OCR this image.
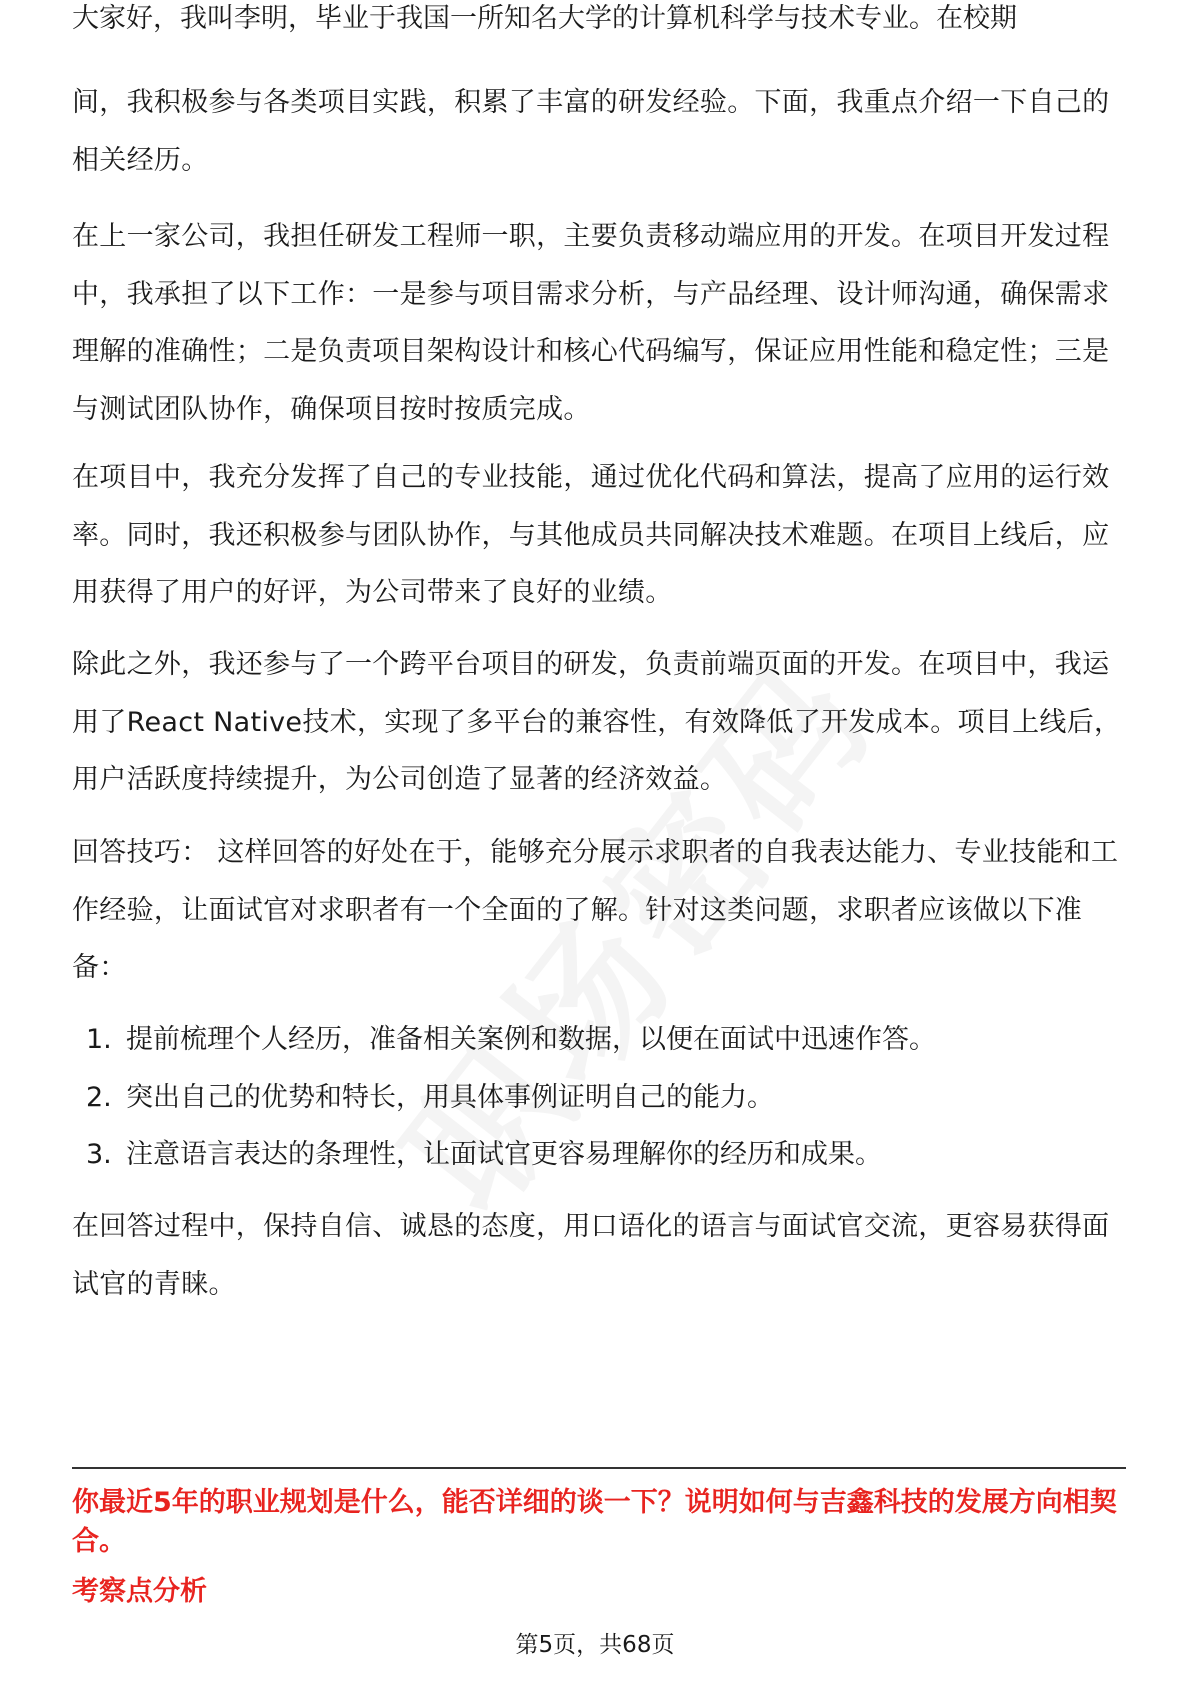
大家好，我叫李明，毕业于我国一所知名大学的计算机科学与技术专业。在校期

间，我积极参与各类项目实践，积累了丰富的研发经验。下面，我重点介绍一下自己的相关经历。

在上一家公司，我担任研发工程师一职，主要负责移动端应用的开发。在项目开发过程中，我承担了以下工作：一是参与项目需求分析，与产品经理、设计师沟通，确保需求理解的准确性；二是负责项目架构设计和核心代码编写，保证应用性能和稳定性；三是与测试团队协作，确保项目按时按质完成。

在项目中，我充分发挥了自己的专业技能，通过优化代码和算法，提高了应用的运行效率。同时，我还积极参与团队协作，与其他成员共同解决技术难题。在项目上线后，应用获得了用户的好评，为公司带来了良好的业绩。

除此之外，我还参与了一个跨平台项目的研发，负责前端页面的开发。在项目中，我运用了React Native技术，实现了多平台的兼容性，有效降低了开发成本。项目上线后，用户活跃度持续提升，为公司创造了显著的经济效益。

回答技巧： 这样回答的好处在于，能够充分展示求职者的自我表达能力、专业技能和工作经验，让面试官对求职者有一个全面的了解。针对这类问题，求职者应该做以下准备：

1. 提前梳理个人经历，准备相关案例和数据，以便在面试中迅速作答。
2. 突出自己的优势和特长，用具体事例证明自己的能力。
3. 注意语言表达的条理性，让面试官更容易理解你的经历和成果。

在回答过程中，保持自信、诚恳的态度，用口语化的语言与面试官交流，更容易获得面试官的青睐。

你最近5年的职业规划是什么，能否详细的谈一下？说明如何与吉鑫科技的发展方向相契合。

考察点分析

第5页，共68页
